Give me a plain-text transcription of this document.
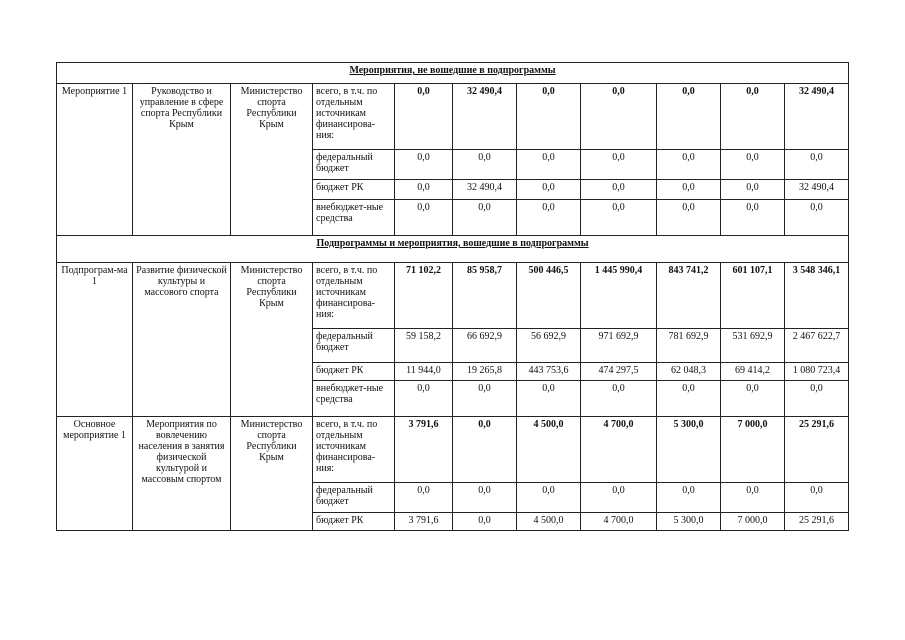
Мероприятия, не вошедшие в подпрограммы										
Мероприятие 1	Руководство и управление в сфере спорта Республики Крым	Министерство спорта Республики Крым	всего, в т.ч. по отдельным источникам финансирова-ния:	0,0	32 490,4	0,0	0,0	0,0	0,0	32 490,4
			федеральный бюджет	0,0	0,0	0,0	0,0	0,0	0,0	0,0
			бюджет РК	0,0	32 490,4	0,0	0,0	0,0	0,0	32 490,4
			внебюджет-ные средства	0,0	0,0	0,0	0,0	0,0	0,0	0,0
Подпрограммы и мероприятия, вошедшие в подпрограммы										
Подпрограм-ма 1	Развитие физической культуры и массового спорта	Министерство спорта Республики Крым	всего, в т.ч. по отдельным источникам финансирова-ния:	71 102,2	85 958,7	500 446,5	1 445 990,4	843 741,2	601 107,1	3 548 346,1
			федеральный бюджет	59 158,2	66 692,9	56 692,9	971 692,9	781 692,9	531 692,9	2 467 622,7
			бюджет РК	11 944,0	19 265,8	443 753,6	474 297,5	62 048,3	69 414,2	1 080 723,4
			внебюджет-ные средства	0,0	0,0	0,0	0,0	0,0	0,0	0,0
Основное мероприятие 1	Мероприятия по вовлечению населения в занятия физической культурой и массовым спортом	Министерство спорта Республики Крым	всего, в т.ч. по отдельным источникам финансирова-ния:	3 791,6	0,0	4 500,0	4 700,0	5 300,0	7 000,0	25 291,6
			федеральный бюджет	0,0	0,0	0,0	0,0	0,0	0,0	0,0
			бюджет РК	3 791,6	0,0	4 500,0	4 700,0	5 300,0	7 000,0	25 291,6
